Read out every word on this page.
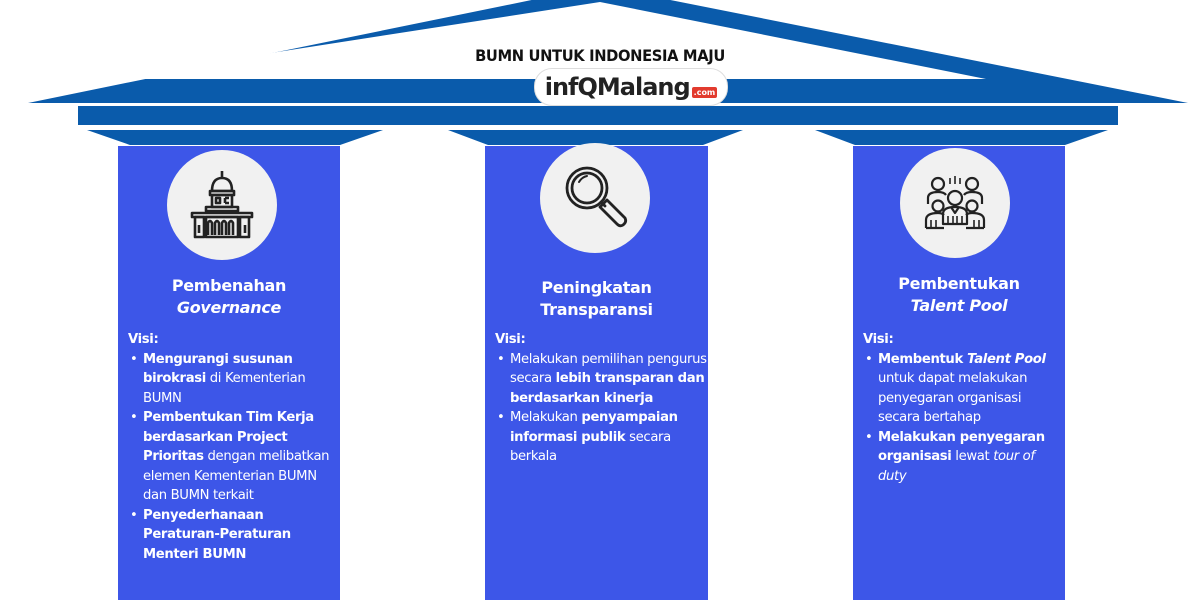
BUMN UNTUK INDONESIA MAJU
inf Q Malang .com
Pembenahan
Governance
Visi:
• Mengurangi susunan birokrasi di Kementerian BUMN
• Pembentukan Tim Kerja berdasarkan Project Prioritas dengan melibatkan elemen Kementerian BUMN dan BUMN terkait
• Penyederhanaan Peraturan-Peraturan Menteri BUMN
Peningkatan
Transparansi
Visi:
• Melakukan pemilihan pengurus secara lebih transparan dan berdasarkan kinerja
• Melakukan penyampaian informasi publik secara berkala
Pembentukan
Talent Pool
Visi:
• Membentuk Talent Pool untuk dapat melakukan penyegaran organisasi secara bertahap
• Melakukan penyegaran organisasi lewat tour of duty
